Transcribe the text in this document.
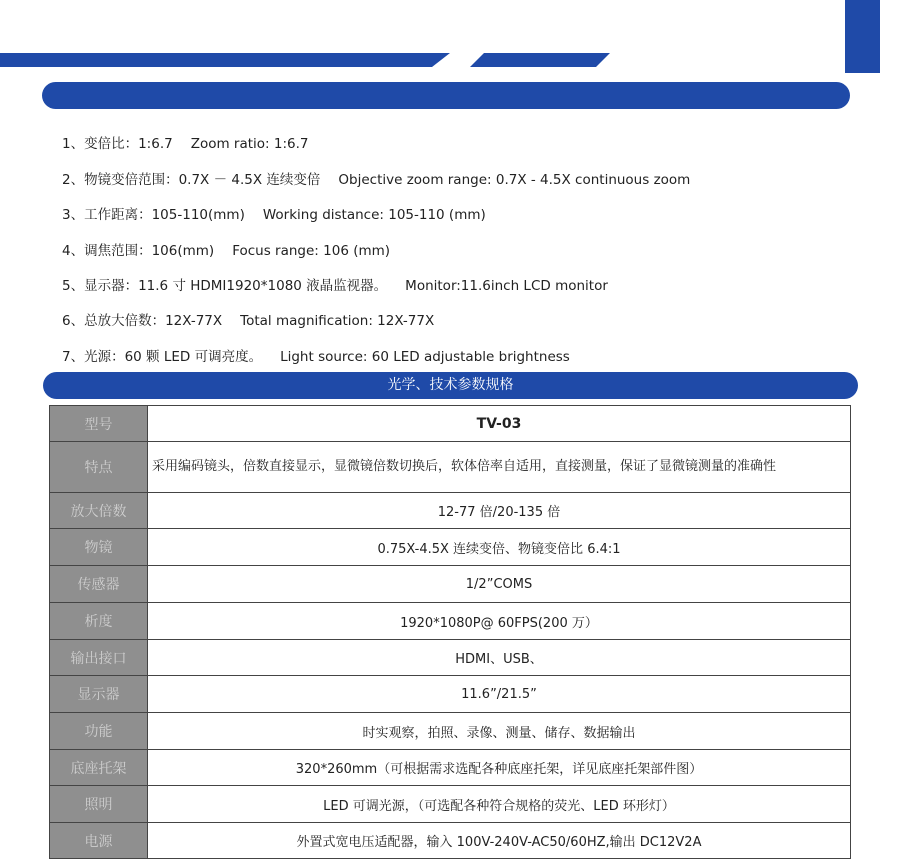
1、变倍比：1:6.7 Zoom ratio: 1:6.7
2、物镜变倍范围：0.7X － 4.5X 连续变倍 Objective zoom range: 0.7X - 4.5X continuous zoom
3、工作距离：105-110(mm) Working distance: 105-110 (mm)
4、调焦范围：106(mm) Focus range: 106 (mm)
5、显示器：11.6 寸 HDMI1920*1080 液晶监视器。 Monitor:11.6inch LCD monitor
6、总放大倍数：12X-77X Total magnification: 12X-77X
7、光源：60 颗 LED 可调亮度。 Light source: 60 LED adjustable brightness
光学、技术参数规格
型号	TV-03
特点	采用编码镜头，倍数直接显示，显微镜倍数切换后，软体倍率自适用，直接测量，保证了显微镜测量的准确性
放大倍数	12-77 倍/20-135 倍
物镜	0.75X-4.5X 连续变倍、物镜变倍比 6.4:1
传感器	1/2”COMS
析度	1920*1080P@ 60FPS(200 万）
输出接口	HDMI、USB、
显示器	11.6”/21.5”
功能	时实观察，拍照、录像、测量、储存、数据输出
底座托架	320*260mm（可根据需求选配各种底座托架，详见底座托架部件图）
照明	LED 可调光源，（可选配各种符合规格的荧光、LED 环形灯）
电源	外置式宽电压适配器，输入 100V-240V-AC50/60HZ,输出 DC12V2A
